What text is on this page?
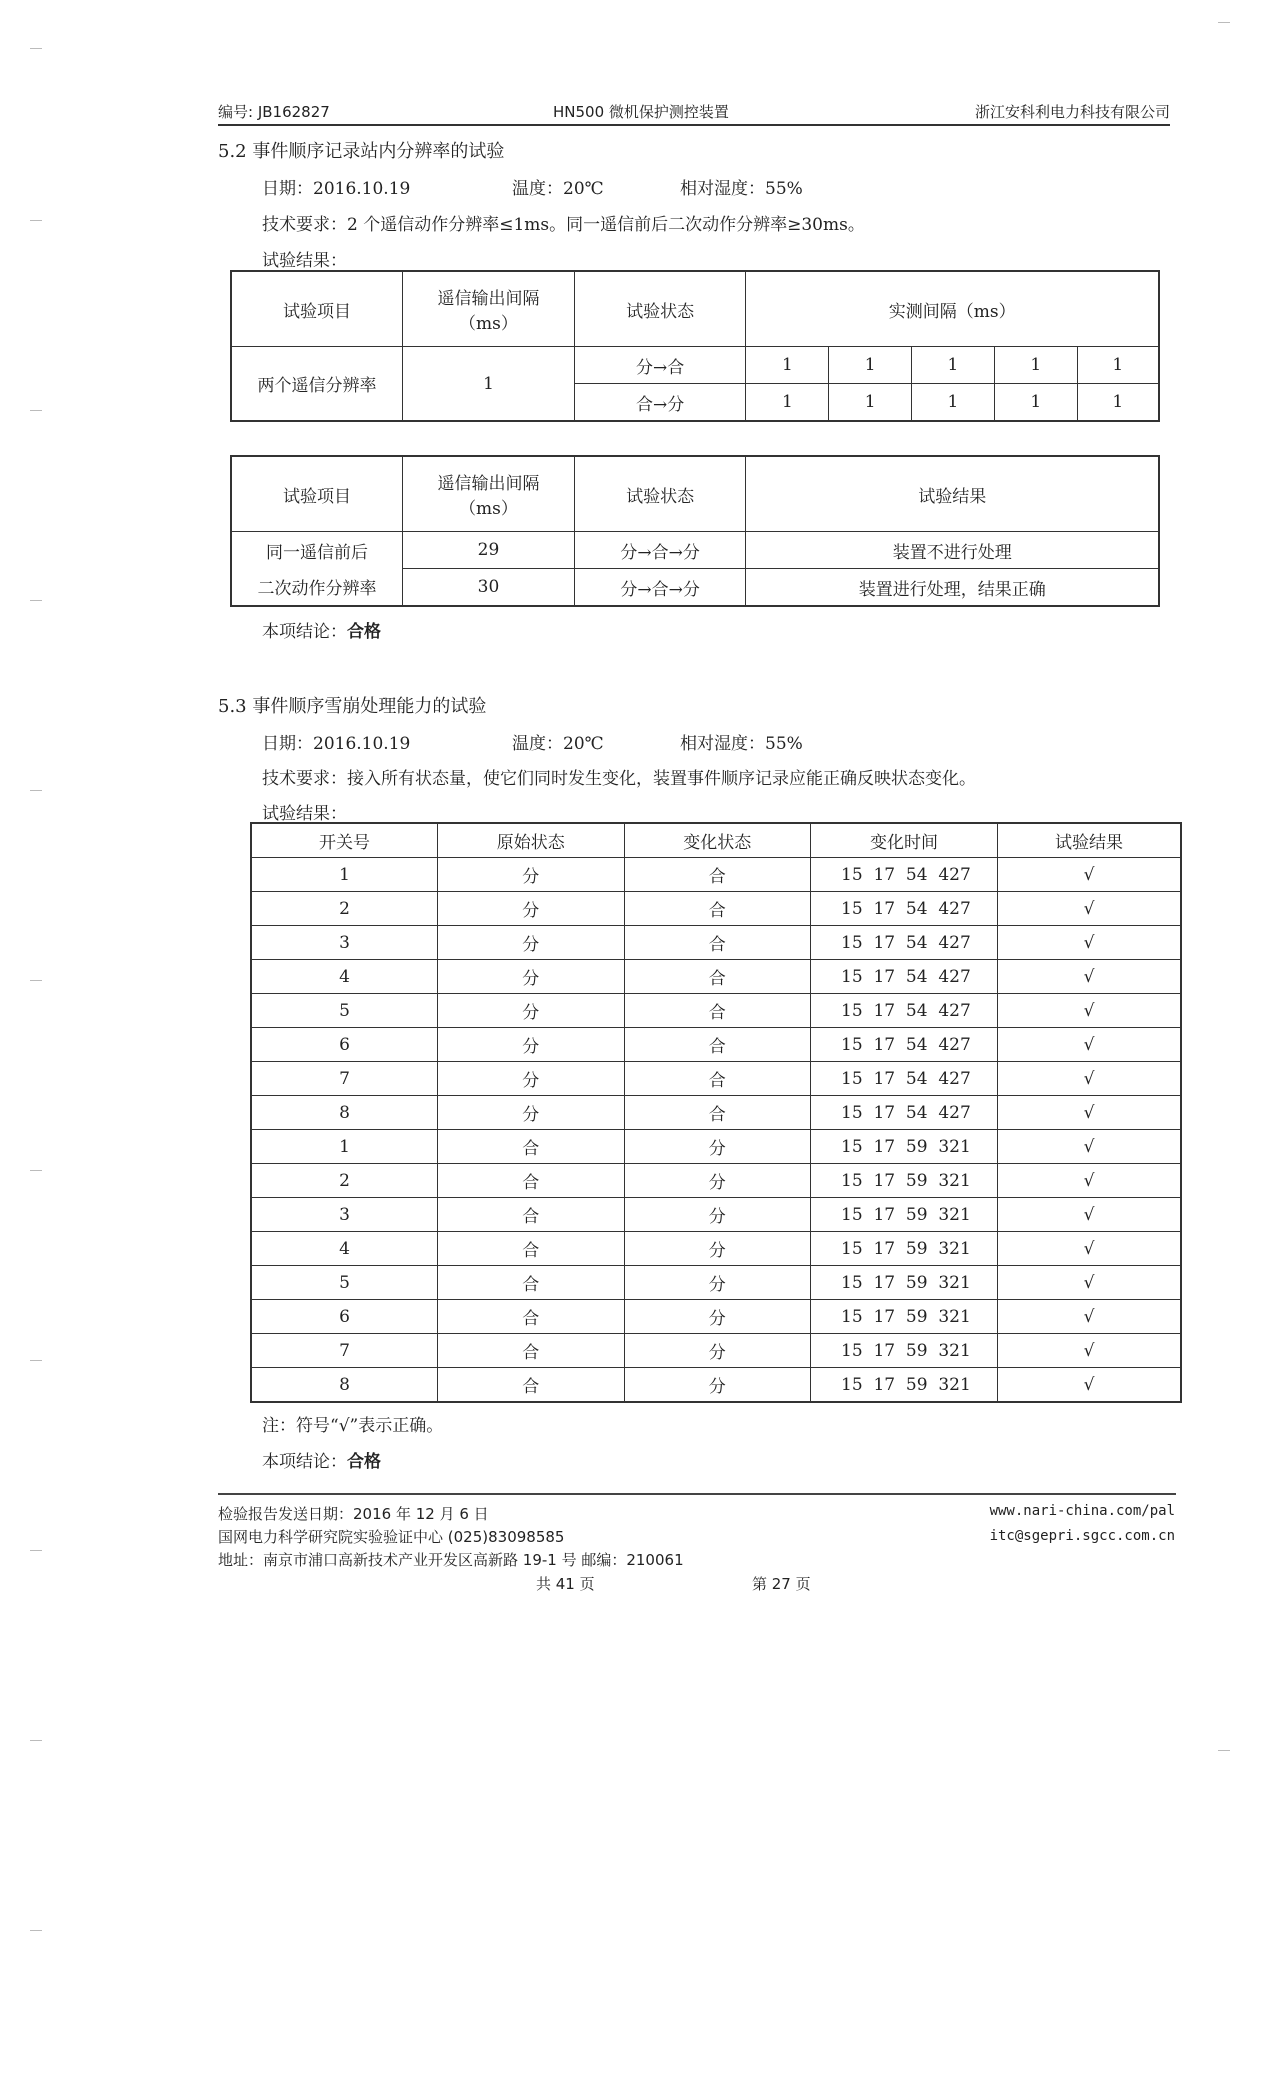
编号: JB162827	HN500 微机保护测控装置	浙江安科利电力科技有限公司
5.2 事件顺序记录站内分辨率的试验
日期：2016.10.19	温度：20℃	相对湿度：55%
技术要求：2 个遥信动作分辨率≤1ms。同一遥信前后二次动作分辨率≥30ms。
试验结果：
试验项目	遥信输出间隔（ms）	试验状态	实测间隔（ms）				
两个遥信分辨率	1	分→合	1	1	1	1	1
		合→分	1	1	1	1	1
试验项目	遥信输出间隔（ms）	试验状态	试验结果
同一遥信前后	29	分→合→分	装置不进行处理
二次动作分辨率	30	分→合→分	装置进行处理，结果正确
本项结论：合格
5.3 事件顺序雪崩处理能力的试验
日期：2016.10.19	温度：20℃	相对湿度：55%
技术要求：接入所有状态量，使它们同时发生变化，装置事件顺序记录应能正确反映状态变化。
试验结果：
开关号	原始状态	变化状态	变化时间	试验结果
1	分	合	15  17  54  427	√
2	分	合	15  17  54  427	√
3	分	合	15  17  54  427	√
4	分	合	15  17  54  427	√
5	分	合	15  17  54  427	√
6	分	合	15  17  54  427	√
7	分	合	15  17  54  427	√
8	分	合	15  17  54  427	√
1	合	分	15  17  59  321	√
2	合	分	15  17  59  321	√
3	合	分	15  17  59  321	√
4	合	分	15  17  59  321	√
5	合	分	15  17  59  321	√
6	合	分	15  17  59  321	√
7	合	分	15  17  59  321	√
8	合	分	15  17  59  321	√
注：符号“√”表示正确。
本项结论：合格
检验报告发送日期：2016 年 12 月 6 日
国网电力科学研究院实验验证中心 (025)83098585
地址：南京市浦口高新技术产业开发区高新路 19-1 号 邮编：210061
共 41 页	第 27 页
www.nari-china.com/pal
itc@sgepri.sgcc.com.cn
